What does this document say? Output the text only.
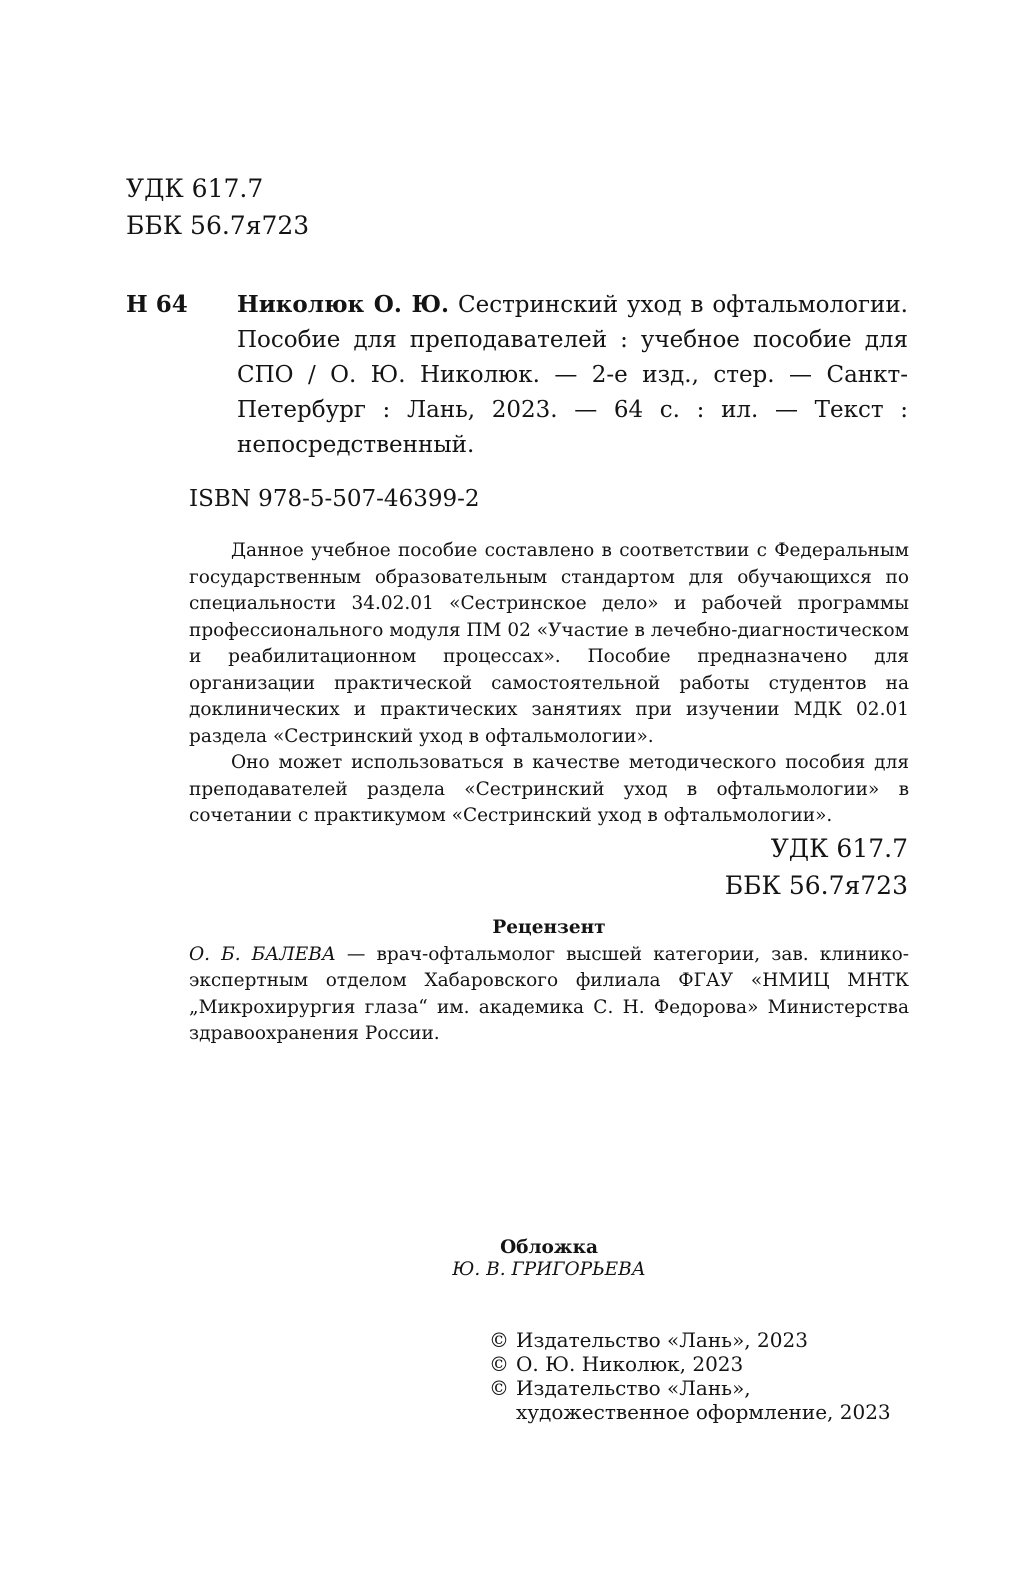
УДК 617.7
ББК 56.7я723
Н 64	Николюк О. Ю. Сестринский уход в офтальмологии. Пособие для преподавателей : учебное пособие для СПО / О. Ю. Николюк. — 2-е изд., стер. — Санкт-Петербург : Лань, 2023. — 64 с. : ил. — Текст : непосредственный.
ISBN 978-5-507-46399-2

Данное учебное пособие составлено в соответствии с Федеральным государственным образовательным стандартом для обучающихся по специальности 34.02.01 «Сестринское дело» и рабочей программы профессионального модуля ПМ 02 «Участие в лечебно-диагностическом и реабилитационном процессах». Пособие предназначено для организации практической самостоятельной работы студентов на доклинических и практических занятиях при изучении МДК 02.01 раздела «Сестринский уход в офтальмологии».

Оно может использоваться в качестве методического пособия для преподавателей раздела «Сестринский уход в офтальмологии» в сочетании с практикумом «Сестринский уход в офтальмологии».

УДК 617.7
ББК 56.7я723
Рецензент
О. Б. БАЛЕВА — врач-офтальмолог высшей категории, зав. клинико-экспертным отделом Хабаровского филиала ФГАУ «НМИЦ МНТК „Микрохирургия глаза“ им. академика С. Н. Федорова» Министерства здравоохранения России.
Обложка
Ю. В. ГРИГОРЬЕВА
© Издательство «Лань», 2023
© О. Ю. Николюк, 2023
© Издательство «Лань»,
художественное оформление, 2023
